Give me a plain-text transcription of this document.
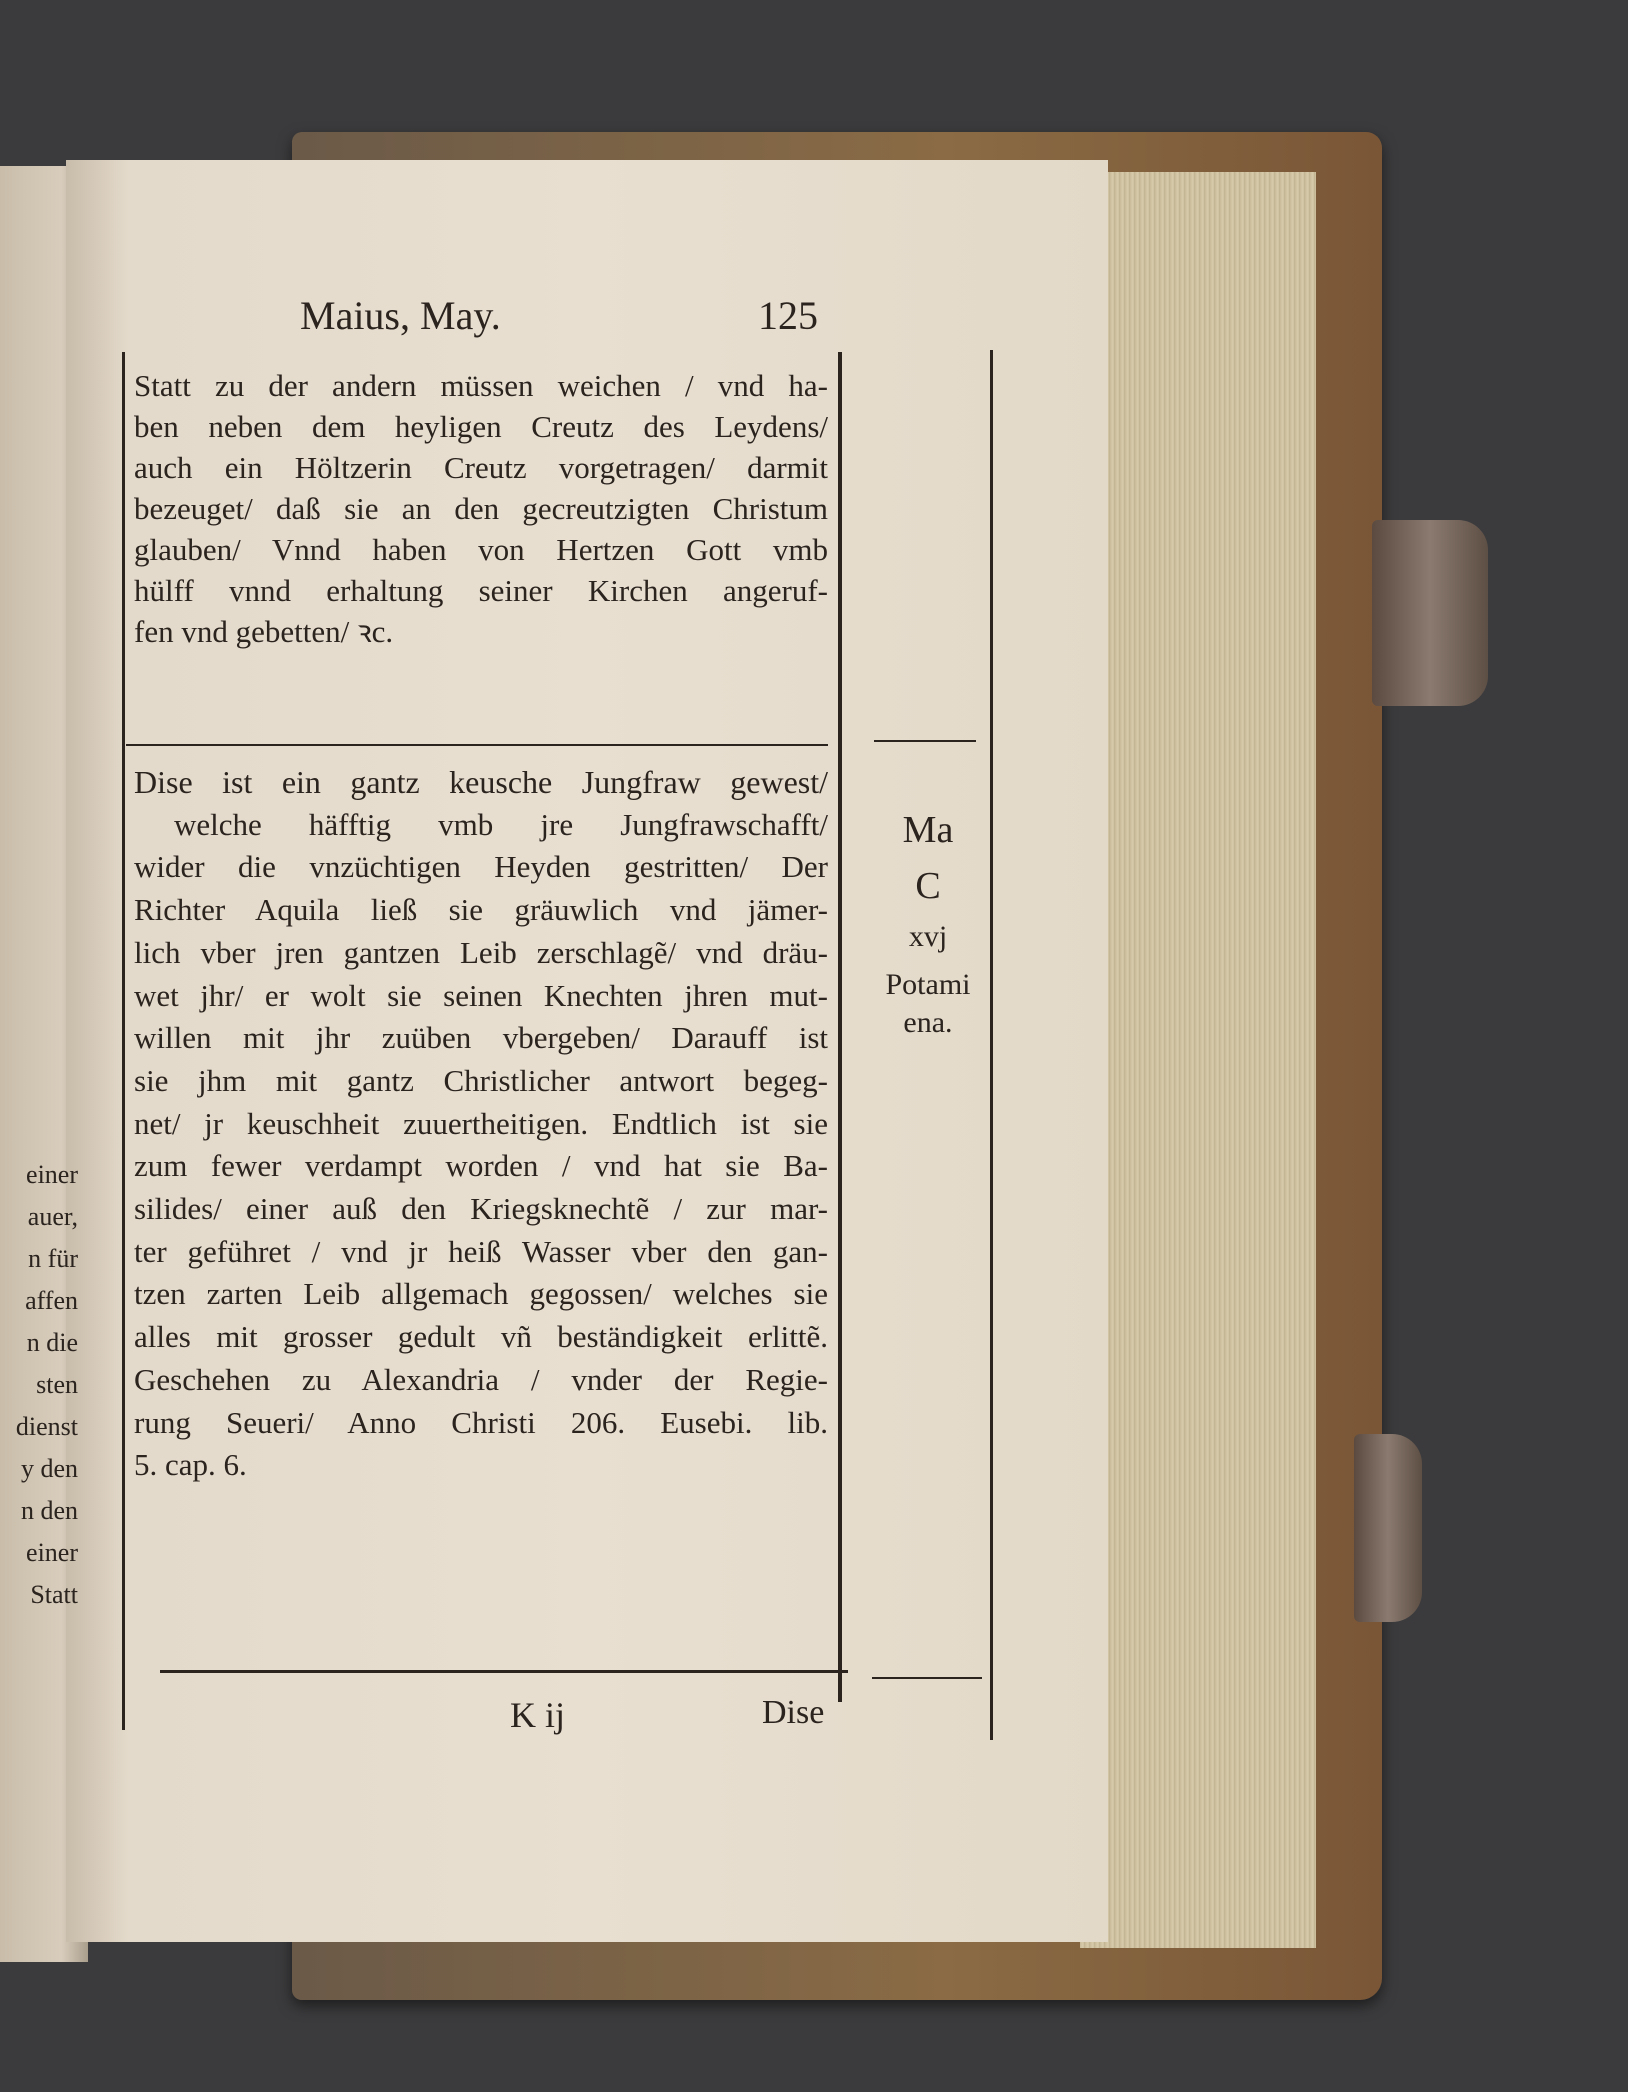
einer
auer,
n für
affen
n die
sten
dienst
y den
n den
einer
Statt
Maius, May.	125
Statt zu der andern müssen weichen / vnd ha-
ben neben dem heyligen Creutz des Leydens/
auch ein Höltzerin Creutz vorgetragen/ darmit
bezeuget/ daß sie an den gecreutzigten Christum
glauben/ Vnnd haben von Hertzen Gott vmb
hülff vnnd erhaltung seiner Kirchen angeruf-
fen vnd gebetten/ ꝛc.
Dise ist ein gantz keusche Jungfraw gewest/
welche häfftig vmb jre Jungfrawschafft/
wider die vnzüchtigen Heyden gestritten/ Der
Richter Aquila ließ sie gräuwlich vnd jämer-
lich vber jren gantzen Leib zerschlagẽ/ vnd dräu-
wet jhr/ er wolt sie seinen Knechten jhren mut-
willen mit jhr zuüben vbergeben/ Darauff ist
sie jhm mit gantz Christlicher antwort begeg-
net/ jr keuschheit zuuertheitigen. Endtlich ist sie
zum fewer verdampt worden / vnd hat sie Ba-
silides/ einer auß den Kriegsknechtẽ / zur mar-
ter geführet / vnd jr heiß Wasser vber den gan-
tzen zarten Leib allgemach gegossen/ welches sie
alles mit grosser gedult vñ beständigkeit erlittẽ.
Geschehen zu Alexandria / vnder der Regie-
rung Seueri/ Anno Christi 206. Eusebi. lib.
5. cap. 6.
Ma
C
xvj
Potami
ena.
K ij	Dise
